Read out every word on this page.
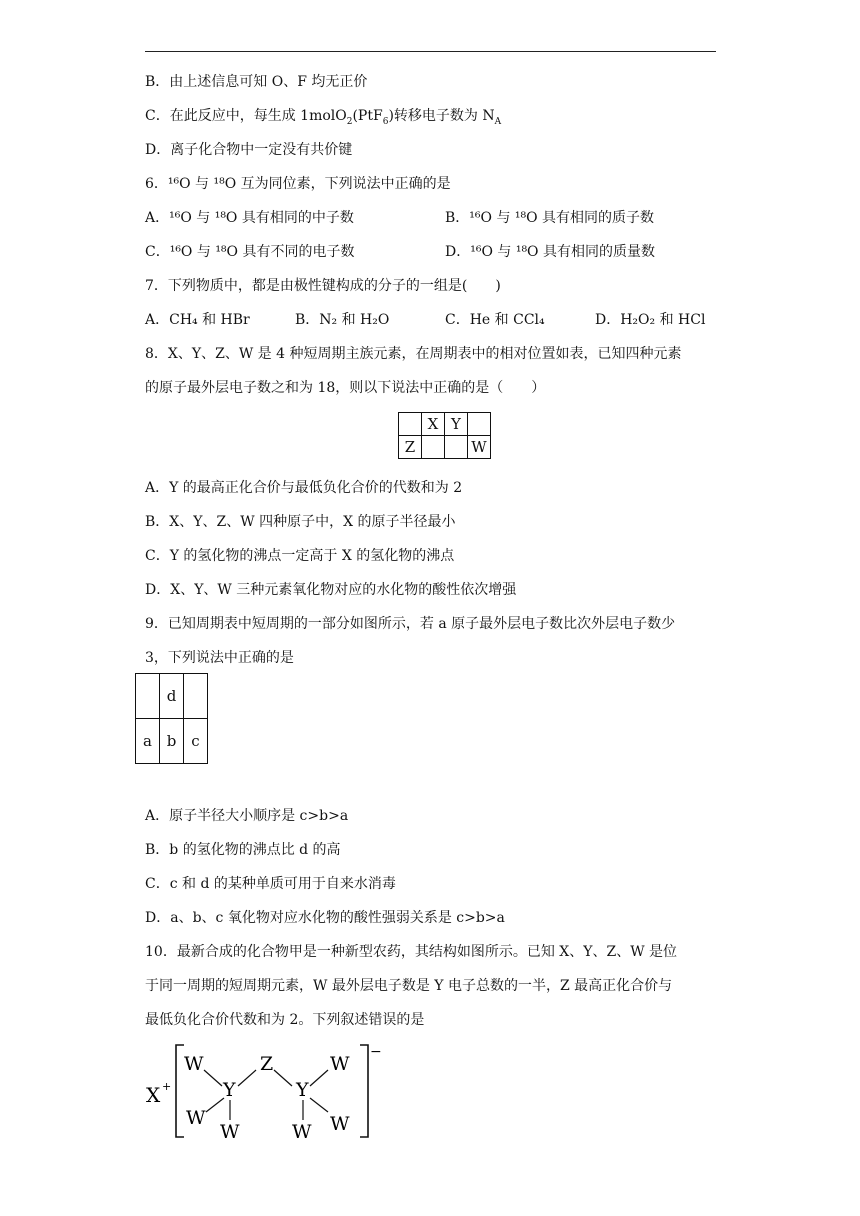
B．由上述信息可知 O、F 均无正价
C．在此反应中，每生成 1molO$_2$(PtF$_6$)转移电子数为 $N_A$
D．离子化合物中一定没有共价键
6．¹⁶O 与 ¹⁸O 互为同位素，下列说法中正确的是
A．¹⁶O 与 ¹⁸O 具有相同的中子数	B．¹⁶O 与 ¹⁸O 具有相同的质子数
C．¹⁶O 与 ¹⁸O 具有不同的电子数	D．¹⁶O 与 ¹⁸O 具有相同的质量数
7．下列物质中，都是由极性键构成的分子的一组是(　　)
A．CH₄ 和 HBr	B．N₂ 和 H₂O	C．He 和 CCl₄	D．H₂O₂ 和 HCl
8．X、Y、Z、W 是 4 种短周期主族元素，在周期表中的相对位置如表，已知四种元素
的原子最外层电子数之和为 18，则以下说法中正确的是（　　）
	X	Y	
Z			W
A．Y 的最高正化合价与最低负化合价的代数和为 2
B．X、Y、Z、W 四种原子中，X 的原子半径最小
C．Y 的氢化物的沸点一定高于 X 的氢化物的沸点
D．X、Y、W 三种元素氧化物对应的水化物的酸性依次增强
9．已知周期表中短周期的一部分如图所示，若 a 原子最外层电子数比次外层电子数少
3，下列说法中正确的是
	d	
a	b	c
A．原子半径大小顺序是 c>b>a
B．b 的氢化物的沸点比 d 的高
C．c 和 d 的某种单质可用于自来水消毒
D．a、b、c 氧化物对应水化物的酸性强弱关系是 c>b>a
10．最新合成的化合物甲是一种新型农药，其结构如图所示。已知 X、Y、Z、W 是位
于同一周期的短周期元素，W 最外层电子数是 Y 电子总数的一半，Z 最高正化合价与
最低负化合价代数和为 2。下列叙述错误的是
X +
−
W
Y
Z
Y
W
W
W	W W
